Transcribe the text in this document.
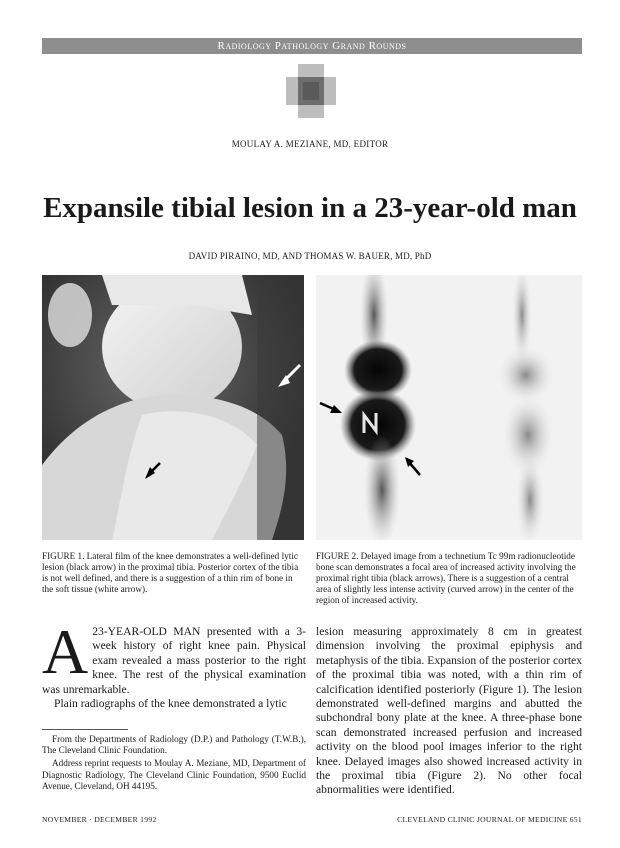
Radiology Pathology Grand Rounds
MOULAY A. MEZIANE, MD, EDITOR
Expansile tibial lesion in a 23-year-old man
DAVID PIRAINO, MD, AND THOMAS W. BAUER, MD, PhD
FIGURE 1. Lateral film of the knee demonstrates a well-defined lytic lesion (black arrow) in the proximal tibia. Posterior cortex of the tibia is not well defined, and there is a suggestion of a thin rim of bone in the soft tissue (white arrow).
FIGURE 2. Delayed image from a technetium Tc 99m radionucleotide bone scan demonstrates a focal area of increased activity involving the proximal right tibia (black arrows). There is a suggestion of a central area of slightly less intense activity (curved arrow) in the center of the region of increased activity.

A 23-YEAR-OLD MAN presented with a 3-week history of right knee pain. Physical exam revealed a mass posterior to the right knee. The rest of the physical examination was unremarkable.

Plain radiographs of the knee demonstrated a lytic

From the Departments of Radiology (D.P.) and Pathology (T.W.B.), The Cleveland Clinic Foundation.

Address reprint requests to Moulay A. Meziane, MD, Department of Diagnostic Radiology, The Cleveland Clinic Foundation, 9500 Euclid Avenue, Cleveland, OH 44195.

lesion measuring approximately 8 cm in greatest dimension involving the proximal epiphysis and metaphysis of the tibia. Expansion of the posterior cortex of the proximal tibia was noted, with a thin rim of calcification identified posteriorly (Figure 1). The lesion demonstrated well-defined margins and abutted the subchondral bony plate at the knee. A three-phase bone scan demonstrated increased perfusion and increased activity on the blood pool images inferior to the right knee. Delayed images also showed increased activity in the proximal tibia (Figure 2). No other focal abnormalities were identified.

NOVEMBER · DECEMBER 1992	CLEVELAND CLINIC JOURNAL OF MEDICINE 651
